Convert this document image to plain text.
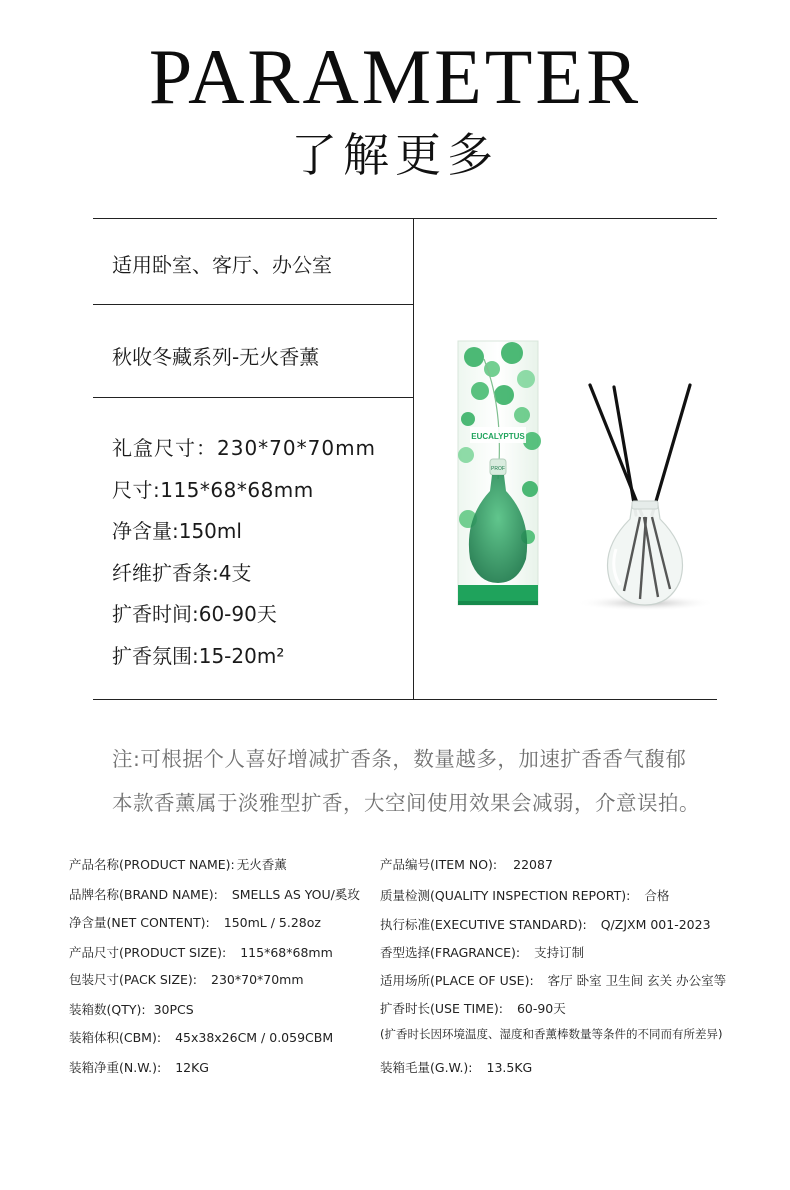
PARAMETER
了解更多
适用卧室、客厅、办公室
秋收冬藏系列-无火香薰
礼盒尺寸：230*70*70mm
尺寸:115*68*68mm
净含量:150ml
纤维扩香条:4支
扩香时间:60-90天
扩香氛围:15-20m²
EUCALYPTUS
PROF
注:可根据个人喜好增减扩香条，数量越多，加速扩香香气馥郁
本款香薰属于淡雅型扩香，大空间使用效果会减弱，介意误拍。
产品名称(PRODUCT NAME): 无火香薰
品牌名称(BRAND NAME): SMELLS AS YOU/奚玫
净含量(NET CONTENT): 150mL / 5.28oz
产品尺寸(PRODUCT SIZE): 115*68*68mm
包装尺寸(PACK SIZE): 230*70*70mm
装箱数(QTY): 30PCS
装箱体积(CBM): 45x38x26CM / 0.059CBM
装箱净重(N.W.): 12KG
产品编号(ITEM NO): 22087
质量检测(QUALITY INSPECTION REPORT): 合格
执行标准(EXECUTIVE STANDARD): Q/ZJXM 001-2023
香型选择(FRAGRANCE): 支持订制
适用场所(PLACE OF USE): 客厅 卧室 卫生间 玄关 办公室等
扩香时长(USE TIME): 60-90天
(扩香时长因环境温度、湿度和香薰棒数量等条件的不同而有所差异)
装箱毛量(G.W.): 13.5KG
